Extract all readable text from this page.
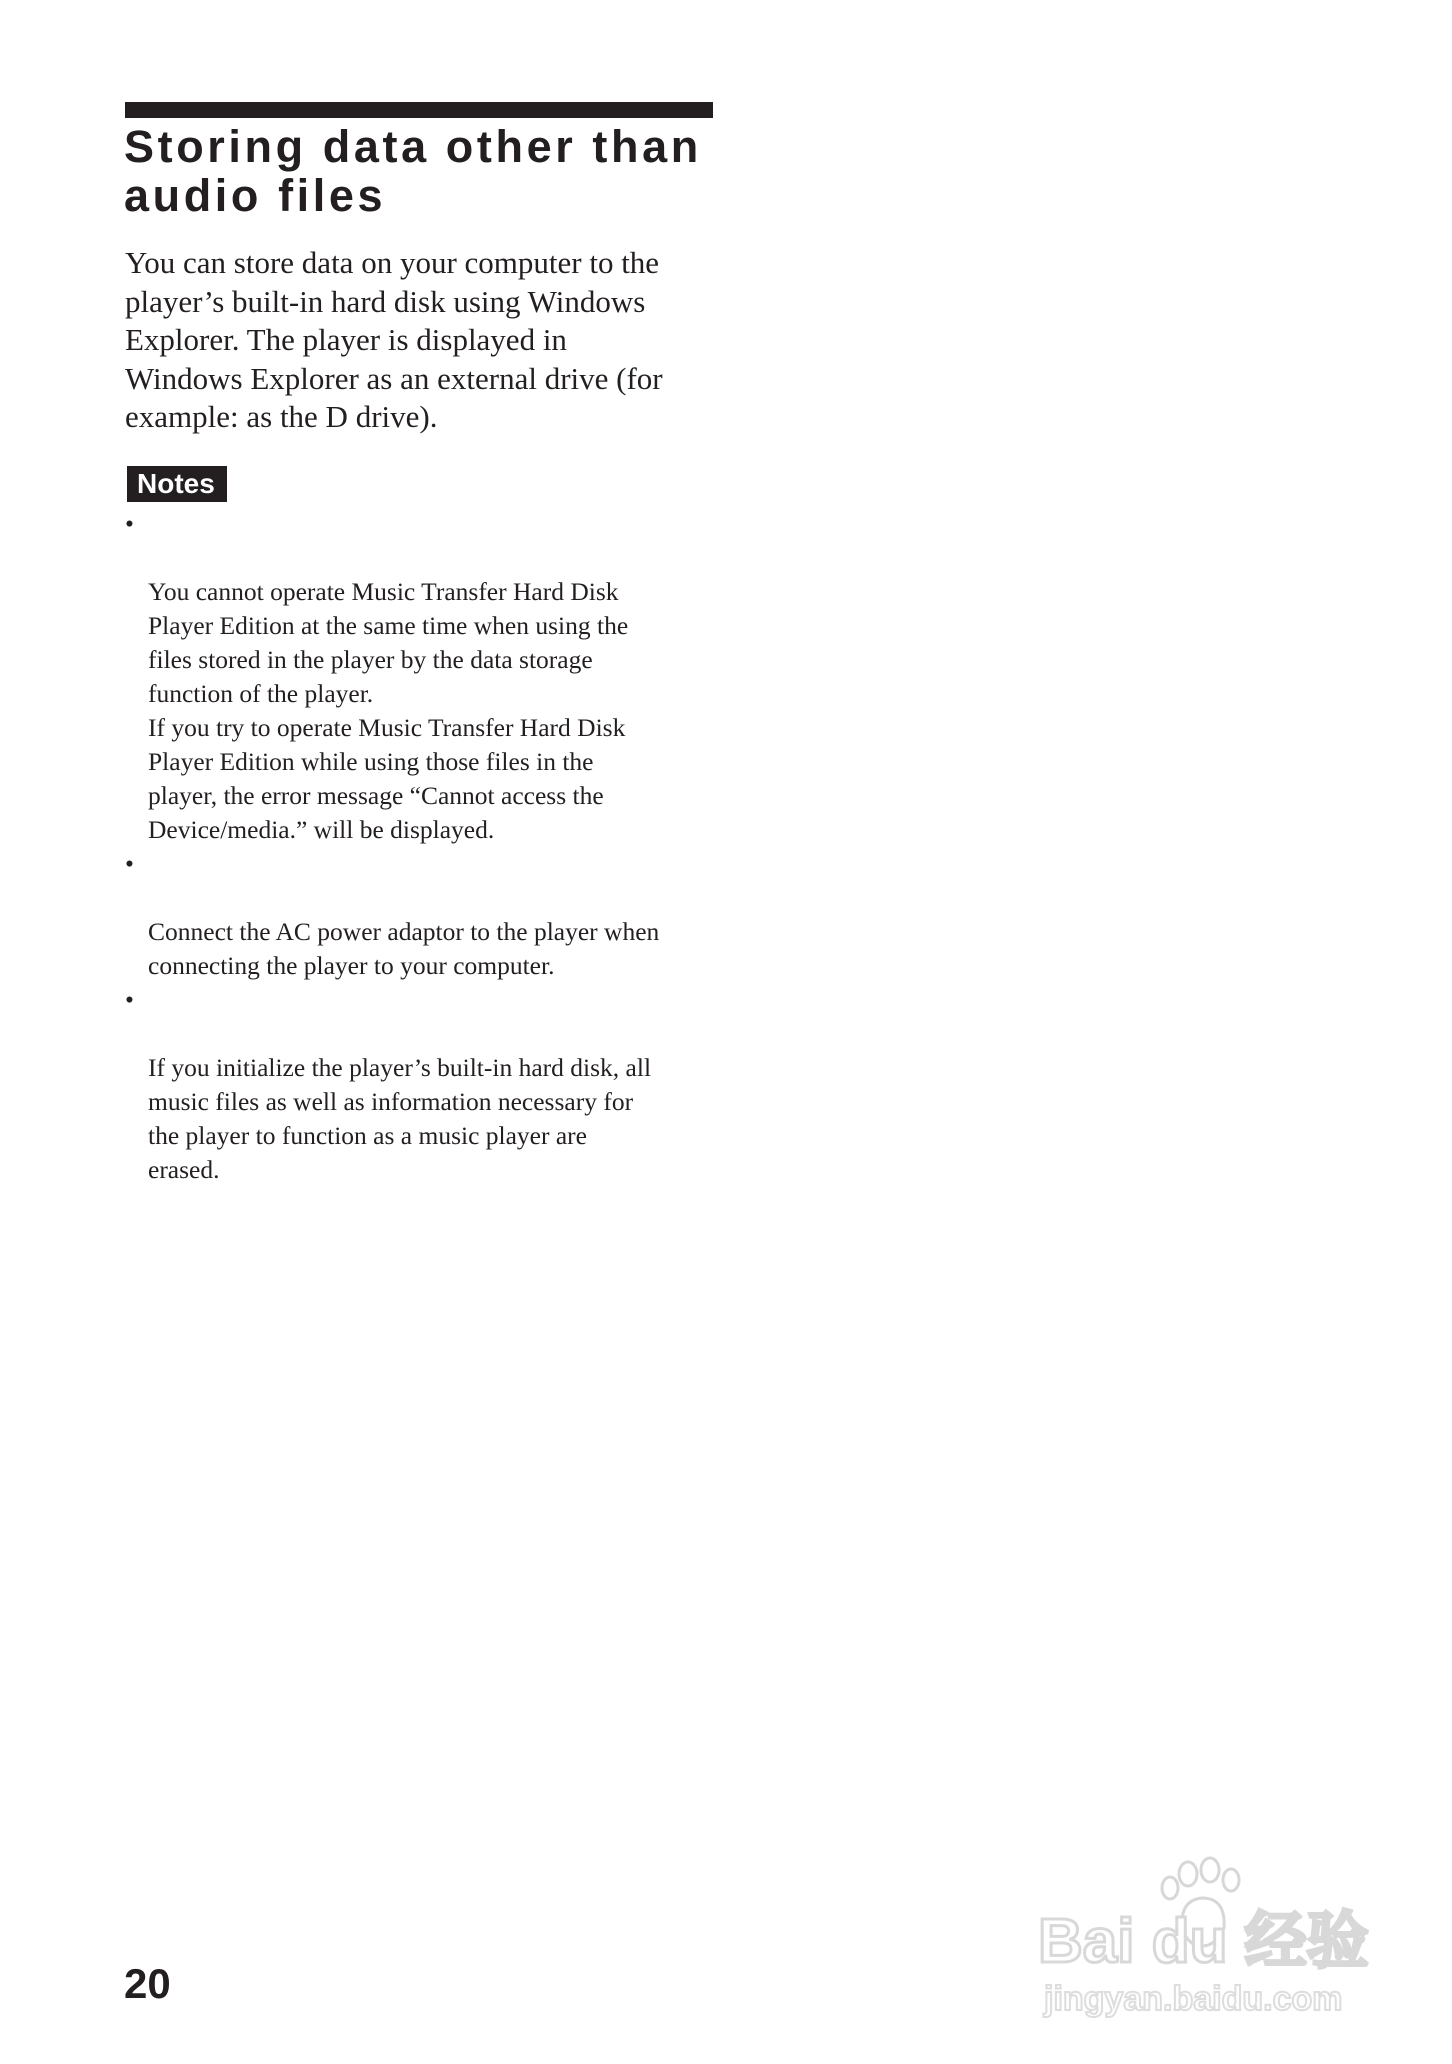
Storing data other than
audio files

You can store data on your computer to the
player’s built-in hard disk using Windows
Explorer. The player is displayed in
Windows Explorer as an external drive (for
example: as the D drive).

Notes

•

You cannot operate Music Transfer Hard Disk
Player Edition at the same time when using the
files stored in the player by the data storage
function of the player.
If you try to operate Music Transfer Hard Disk
Player Edition while using those files in the
player, the error message “Cannot access the
Device/media.” will be displayed.

•

Connect the AC power adaptor to the player when
connecting the player to your computer.

•

If you initialize the player’s built-in hard disk, all
music files as well as information necessary for
the player to function as a music player are
erased.

20
Bai du 经验
jingyan.baidu.com
